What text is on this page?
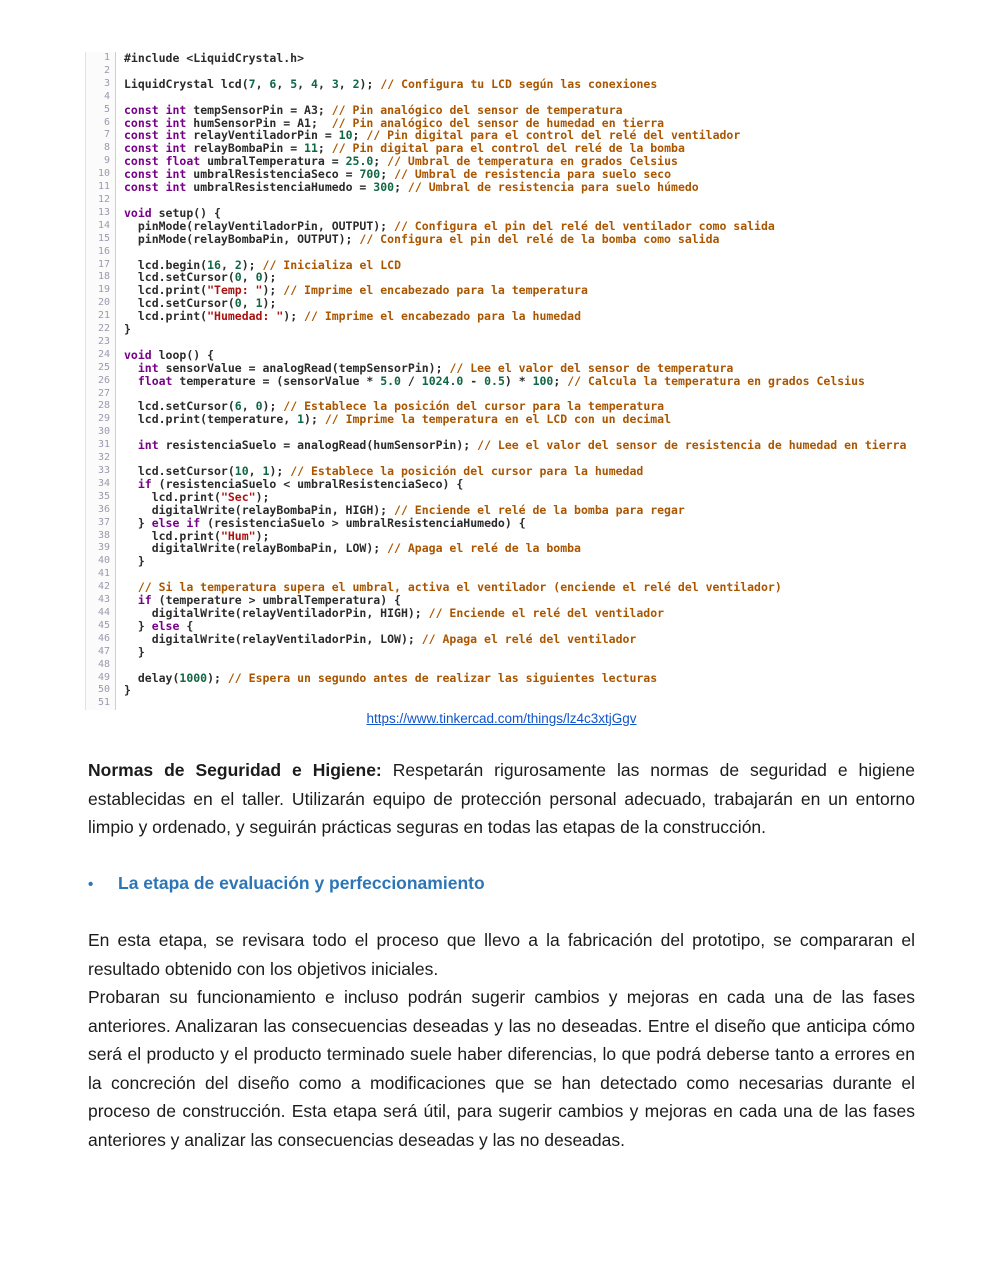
1	#include <LiquidCrystal.h>
2
3	LiquidCrystal lcd(7, 6, 5, 4, 3, 2); // Configura tu LCD según las conexiones
4
5	const int tempSensorPin = A3; // Pin analógico del sensor de temperatura
6	const int humSensorPin = A1;  // Pin analógico del sensor de humedad en tierra
7	const int relayVentiladorPin = 10; // Pin digital para el control del relé del ventilador
8	const int relayBombaPin = 11; // Pin digital para el control del relé de la bomba
9	const float umbralTemperatura = 25.0; // Umbral de temperatura en grados Celsius
10	const int umbralResistenciaSeco = 700; // Umbral de resistencia para suelo seco
11	const int umbralResistenciaHumedo = 300; // Umbral de resistencia para suelo húmedo
12
13	void setup() {
14	pinMode(relayVentiladorPin, OUTPUT); // Configura el pin del relé del ventilador como salida
15	pinMode(relayBombaPin, OUTPUT); // Configura el pin del relé de la bomba como salida
16
17	lcd.begin(16, 2); // Inicializa el LCD
18	lcd.setCursor(0, 0);
19	lcd.print("Temp: "); // Imprime el encabezado para la temperatura
20	lcd.setCursor(0, 1);
21	lcd.print("Humedad: "); // Imprime el encabezado para la humedad
22	}
23
24	void loop() {
25	int sensorValue = analogRead(tempSensorPin); // Lee el valor del sensor de temperatura
26	float temperature = (sensorValue * 5.0 / 1024.0 - 0.5) * 100; // Calcula la temperatura en grados Celsius
27
28	lcd.setCursor(6, 0); // Establece la posición del cursor para la temperatura
29	lcd.print(temperature, 1); // Imprime la temperatura en el LCD con un decimal
30
31	int resistenciaSuelo = analogRead(humSensorPin); // Lee el valor del sensor de resistencia de humedad en tierra
32
33	lcd.setCursor(10, 1); // Establece la posición del cursor para la humedad
34	if (resistenciaSuelo < umbralResistenciaSeco) {
35	lcd.print("Sec");
36	digitalWrite(relayBombaPin, HIGH); // Enciende el relé de la bomba para regar
37	} else if (resistenciaSuelo > umbralResistenciaHumedo) {
38	lcd.print("Hum");
39	digitalWrite(relayBombaPin, LOW); // Apaga el relé de la bomba
40	}
41
42	// Si la temperatura supera el umbral, activa el ventilador (enciende el relé del ventilador)
43	if (temperature > umbralTemperatura) {
44	digitalWrite(relayVentiladorPin, HIGH); // Enciende el relé del ventilador
45	} else {
46	digitalWrite(relayVentiladorPin, LOW); // Apaga el relé del ventilador
47	}
48
49	delay(1000); // Espera un segundo antes de realizar las siguientes lecturas
50	}
51
https://www.tinkercad.com/things/lz4c3xtjGgv

Normas de Seguridad e Higiene: Respetarán rigurosamente las normas de seguridad e higiene establecidas en el taller. Utilizarán equipo de protección personal adecuado, trabajarán en un entorno limpio y ordenado, y seguirán prácticas seguras en todas las etapas de la construcción.

•	La etapa de evaluación y perfeccionamiento

En esta etapa, se revisara todo el proceso que llevo a la fabricación del prototipo, se compararan el resultado obtenido con los objetivos iniciales.

Probaran su funcionamiento e incluso podrán sugerir cambios y mejoras en cada una de las fases anteriores. Analizaran las consecuencias deseadas y las no deseadas. Entre el diseño que anticipa cómo será el producto y el producto terminado suele haber diferencias, lo que podrá deberse tanto a errores en la concreción del diseño como a modificaciones que se han detectado como necesarias durante el proceso de construcción. Esta etapa será útil, para sugerir cambios y mejoras en cada una de las fases anteriores y analizar las consecuencias deseadas y las no deseadas.
